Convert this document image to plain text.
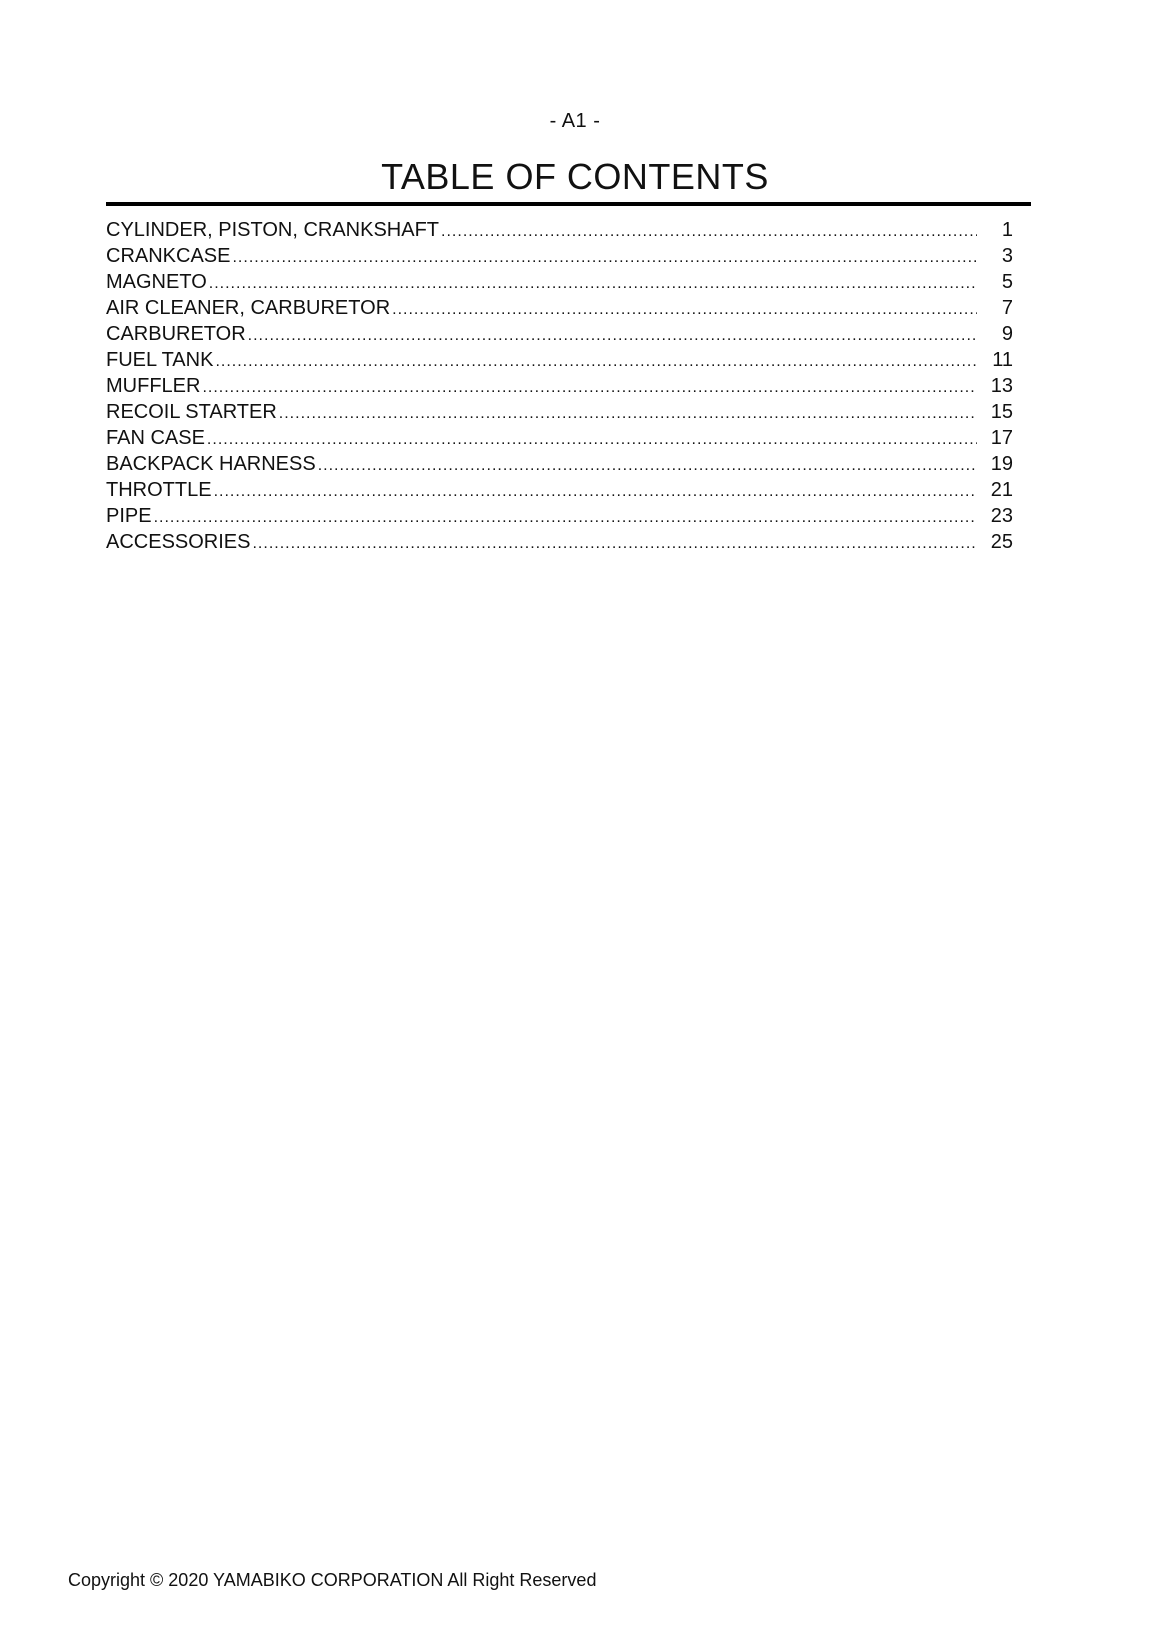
- A1 -
TABLE OF CONTENTS
CYLINDER, PISTON, CRANKSHAFT .....	1
CRANKCASE .....	3
MAGNETO .....	5
AIR CLEANER, CARBURETOR .....	7
CARBURETOR .....	9
FUEL TANK .....	11
MUFFLER .....	13
RECOIL STARTER .....	15
FAN CASE .....	17
BACKPACK HARNESS .....	19
THROTTLE .....	21
PIPE .....	23
ACCESSORIES .....	25
Copyright © 2020 YAMABIKO CORPORATION All Right Reserved
